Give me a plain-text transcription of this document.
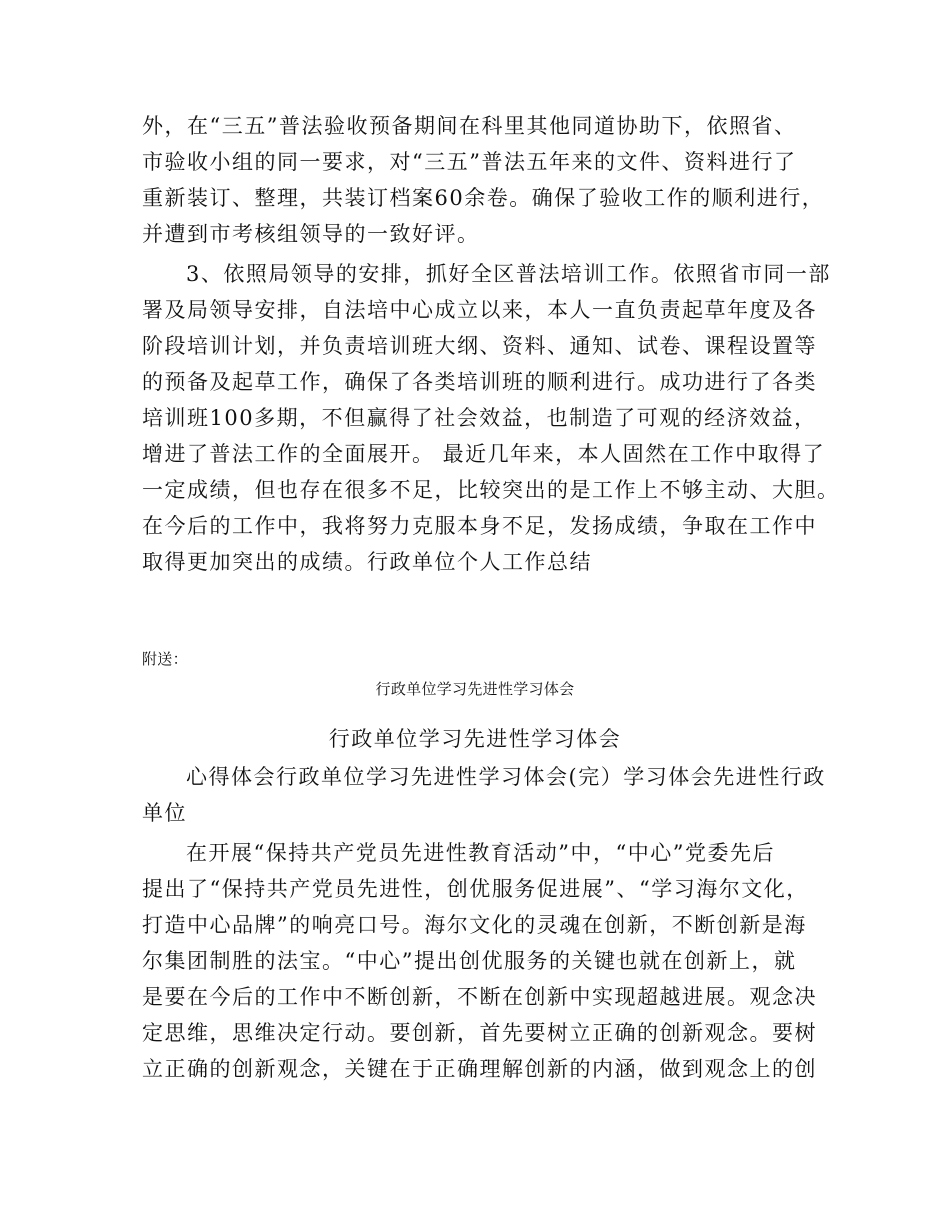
外，在“三五”普法验收预备期间在科里其他同道协助下，依照省、
市验收小组的同一要求，对“三五”普法五年来的文件、资料进行了
重新装订、整理，共装订档案60余卷。确保了验收工作的顺利进行，
并遭到市考核组领导的一致好评。
3、依照局领导的安排，抓好全区普法培训工作。依照省市同一部
署及局领导安排，自法培中心成立以来，本人一直负责起草年度及各
阶段培训计划，并负责培训班大纲、资料、通知、试卷、课程设置等
的预备及起草工作，确保了各类培训班的顺利进行。成功进行了各类
培训班100多期，不但赢得了社会效益，也制造了可观的经济效益，
增进了普法工作的全面展开。 最近几年来，本人固然在工作中取得了
一定成绩，但也存在很多不足，比较突出的是工作上不够主动、大胆。
在今后的工作中，我将努力克服本身不足，发扬成绩，争取在工作中
取得更加突出的成绩。行政单位个人工作总结
附送：
行政单位学习先进性学习体会
行政单位学习先进性学习体会
心得体会行政单位学习先进性学习体会(完）学习体会先进性行政
单位
在开展“保持共产党员先进性教育活动”中，“中心”党委先后
提出了“保持共产党员先进性，创优服务促进展”、“学习海尔文化，
打造中心品牌”的响亮口号。海尔文化的灵魂在创新，不断创新是海
尔集团制胜的法宝。“中心”提出创优服务的关键也就在创新上，就
是要在今后的工作中不断创新，不断在创新中实现超越进展。观念决
定思维，思维决定行动。要创新，首先要树立正确的创新观念。要树
立正确的创新观念，关键在于正确理解创新的内涵，做到观念上的创
